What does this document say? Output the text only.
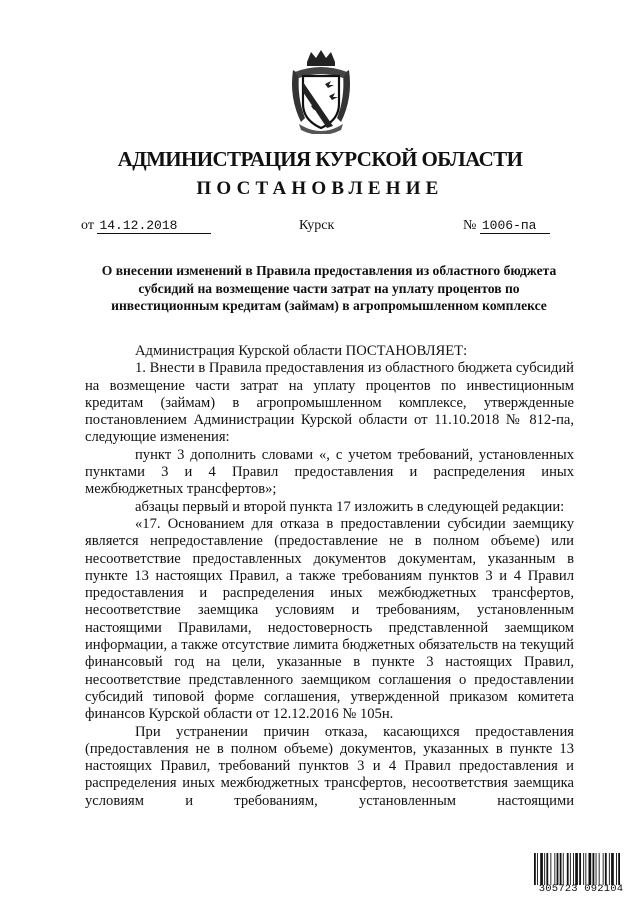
АДМИНИСТРАЦИЯ КУРСКОЙ ОБЛАСТИ
ПОСТАНОВЛЕНИЕ
от 14.12.2018	Курск	№ 1006-па
О внесении изменений в Правила предоставления из областного бюджета субсидий на возмещение части затрат на уплату процентов по инвестиционным кредитам (займам) в агропромышленном комплексе

Администрация Курской области ПОСТАНОВЛЯЕТ:

1. Внести в Правила предоставления из областного бюджета субсидий на возмещение части затрат на уплату процентов по инвестиционным кредитам (займам) в агропромышленном комплексе, утвержденные постановлением Администрации Курской области от 11.10.2018 № 812-па, следующие изменения:

пункт 3 дополнить словами «, с учетом требований, установленных пунктами 3 и 4 Правил предоставления и распределения иных межбюджетных трансфертов»;

абзацы первый и второй пункта 17 изложить в следующей редакции:

«17. Основанием для отказа в предоставлении субсидии заемщику является непредоставление (предоставление не в полном объеме) или несоответствие предоставленных документов документам, указанным в пункте 13 настоящих Правил, а также требованиям пунктов 3 и 4 Правил предоставления и распределения иных межбюджетных трансфертов, несоответствие заемщика условиям и требованиям, установленным настоящими Правилами, недостоверность представленной заемщиком информации, а также отсутствие лимита бюджетных обязательств на текущий финансовый год на цели, указанные в пункте 3 настоящих Правил, несоответствие представленного заемщиком соглашения о предоставлении субсидий типовой форме соглашения, утвержденной приказом комитета финансов Курской области от 12.12.2016 № 105н.

При устранении причин отказа, касающихся предоставления (предоставления не в полном объеме) документов, указанных в пункте 13 настоящих Правил, требований пунктов 3 и 4 Правил предоставления и распределения иных межбюджетных трансфертов, несоответствия заемщика условиям и требованиям, установленным настоящими

305723 092104
